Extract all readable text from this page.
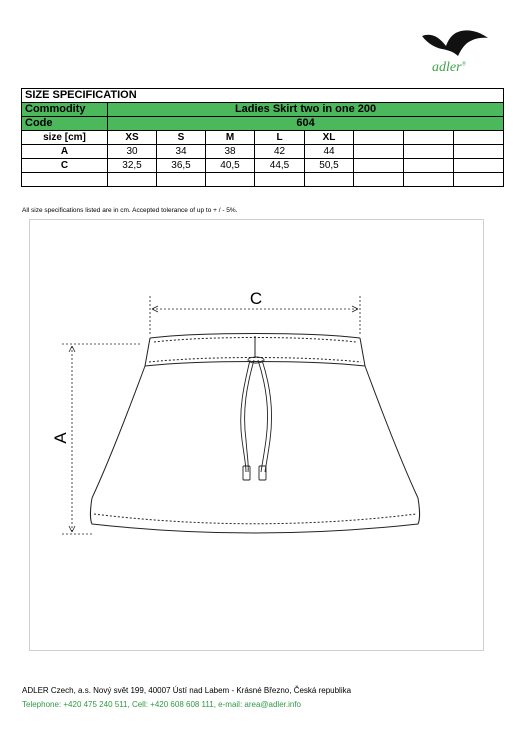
adler®
SIZE SPECIFICATION								
Commodity	Ladies Skirt two in one 200							
Code	604							
size [cm]	XS	S	M	L	XL			
A	30	34	38	42	44			
C	32,5	36,5	40,5	44,5	50,5			

All size specifications listed are in cm. Accepted tolerance of up to + / - 5%.
C
A
ADLER Czech, a.s. Nový svět 199, 40007 Ústí nad Labem - Krásné Březno, Česká republika
Telephone: +420 475 240 511, Cell: +420 608 608 111, e-mail: area@adler.info
